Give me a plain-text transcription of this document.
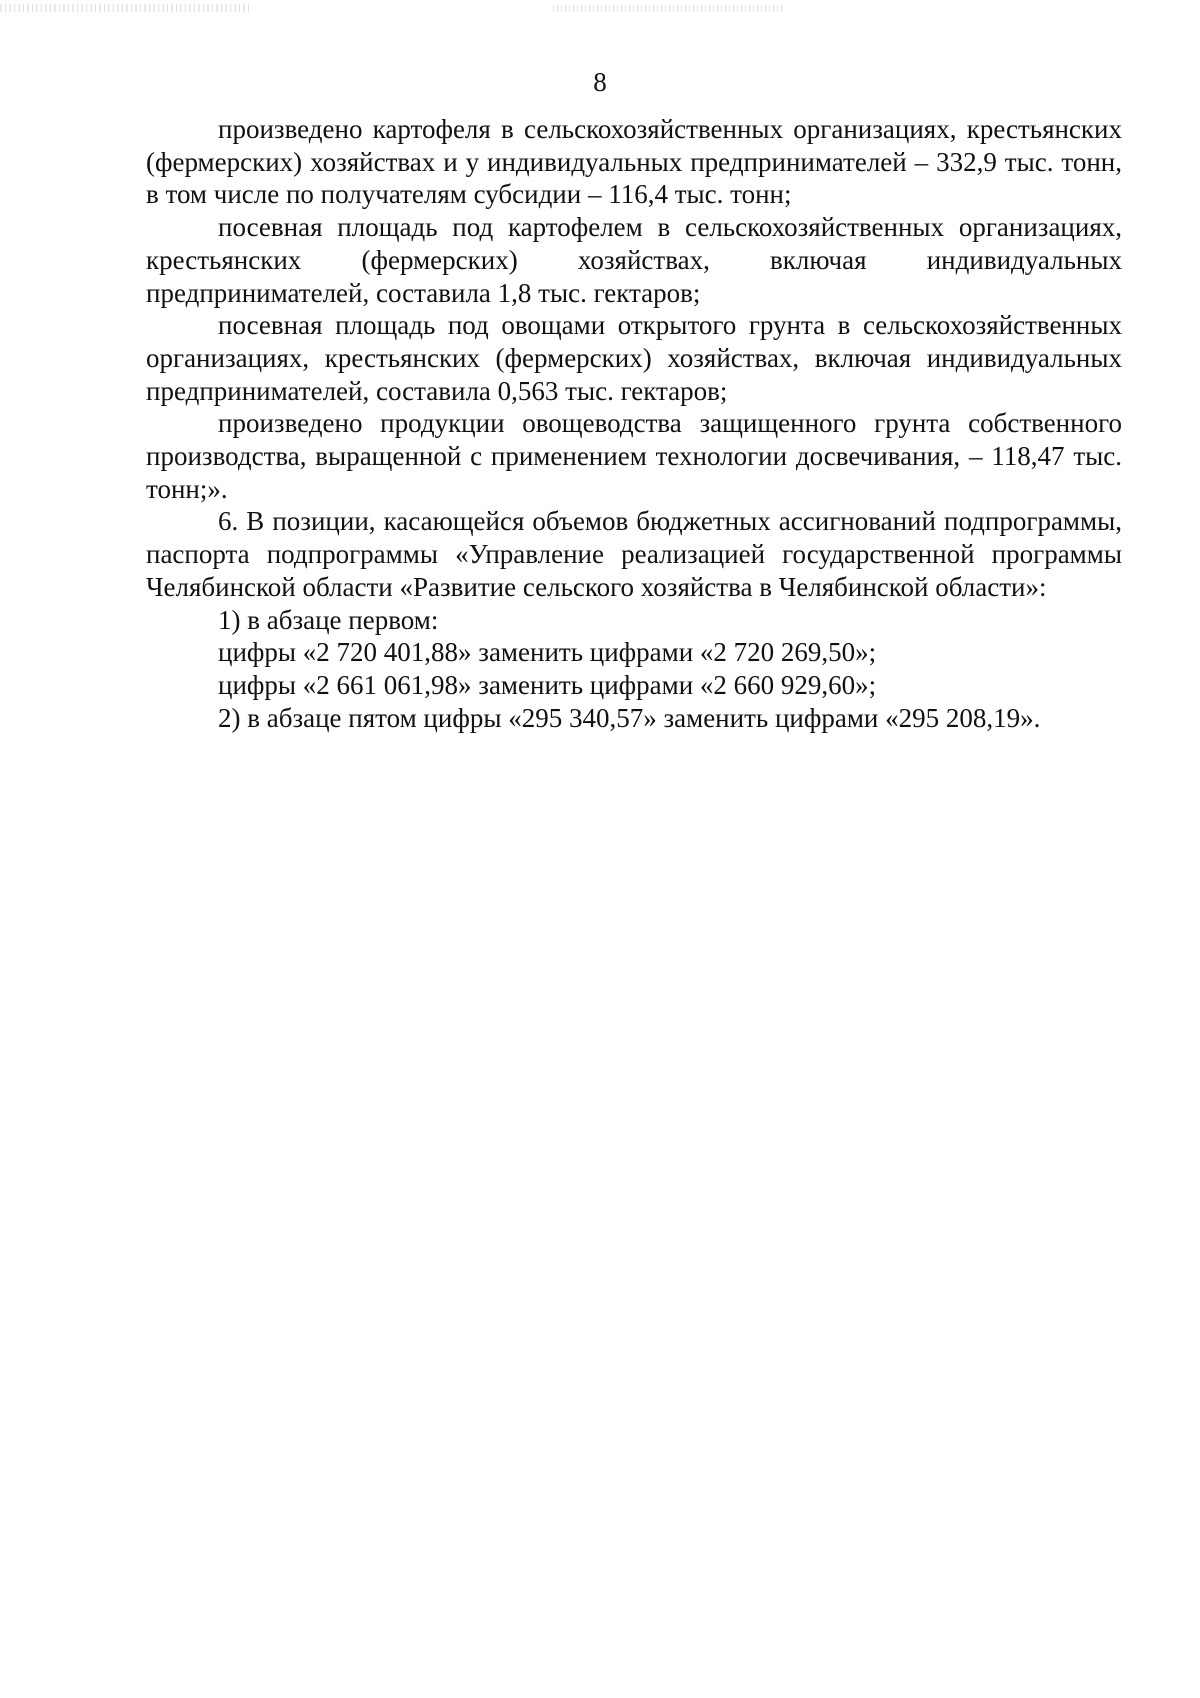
8

произведено картофеля в сельскохозяйственных организациях, крестьянских (фермерских) хозяйствах и у индивидуальных предпринимателей – 332,9 тыс. тонн, в том числе по получателям субсидии – 116,4 тыс. тонн;

посевная площадь под картофелем в сельскохозяйственных организациях, крестьянских (фермерских) хозяйствах, включая индивидуальных предпринимателей, составила 1,8 тыс. гектаров;

посевная площадь под овощами открытого грунта в сельскохозяйственных организациях, крестьянских (фермерских) хозяйствах, включая индивидуальных предпринимателей, составила 0,563 тыс. гектаров;

произведено продукции овощеводства защищенного грунта собственного производства, выращенной с применением технологии досвечивания, – 118,47 тыс. тонн;».

6. В позиции, касающейся объемов бюджетных ассигнований подпрограммы, паспорта подпрограммы «Управление реализацией государственной программы Челябинской области «Развитие сельского хозяйства в Челябинской области»:

1) в абзаце первом:

цифры «2 720 401,88» заменить цифрами «2 720 269,50»;

цифры «2 661 061,98» заменить цифрами «2 660 929,60»;

2) в абзаце пятом цифры «295 340,57» заменить цифрами «295 208,19».
